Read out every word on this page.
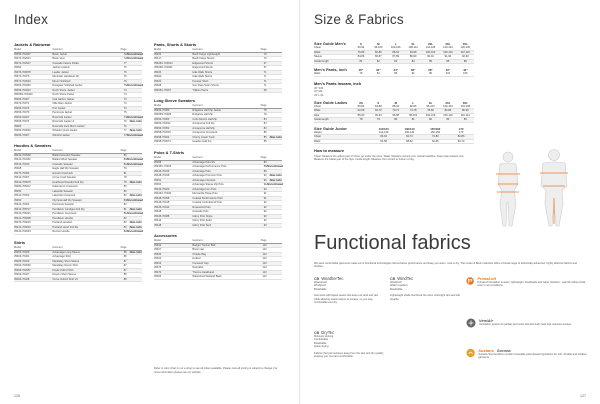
Index
Jackets & Rainwear
Model	Garment	Page
35456-702927	Basin Jacket	72 Discontinued
35474-702921	Basin Vest	72 Discontinued
35473-702917	Cascade Fleece Parka	77
35452	Jacket Loaded	75
35476-700078	Leader Jacket	76
35474-70075	Mountain Hardwear Jkt	75
35474-700010	Mount Softshell	76
35456-700340	Navigator Softshell Jacket	75 Discontinued
35456-700010	North Shore Jacket	74
35456N-700440	North Shore Parka	74
35456-70007	Oak Harbor Jacket	73
35474-70071	Ollie Rain Jacket	73
35456-70072	Port Jacket	73
35456-70079	Peninsula Jacket	75
35454-91407	Riverside Jacket	74 Discontinued
35456-70074	Riverside Jacket Jr.	76	New color
35480	Riverside Jack Micro Jacket	76
35482-700040	Whistler Quick Jacket	77	New color
35456-70007	Windmil Jacket	77 Discontinued
Hoodies & Sweaters
Model	Garment	Page
35414-702900	Ballard Hooded Sweater	80
35412-703461	Ballard Wind Sweater	80 Discontinued
35413-70040	Cascade Sweater	81 Discontinued
35408	Eagle Half Zip Sweater	79
35470-70093	Everett Crewneck	81
35410-70007	Grove Cowl Sweater	78
35414-705070	Heathered Hooded Full Zip	78	New color
35480-708417	Kalamazoo Crewneck	80
35450	Lakeside Sweater	80
35413-70003	Lakeside Crewneck	82	New color
35460	Olympia Half Zip Sweater	83 Discontinued
35424-70062	Peninsula Sweater	83
35414-708717	Pendleton Cardigan Full Zip	81	New color
35413-708421	Pendleton Crewneck	81 Discontinued
35414-708408	Pendleton Hoodie	82
35476-709015	Portland Hooded	83	New color
35413-700010	Portland Hood Full Zip	83	New color
35414-702623	Renton Hoodie	82 Discontinued
Shirts
Model	Garment	Page
35454-70029	Advantage Long Sleeve	86	New color
35464-70001	Advantage Shirt	86
35466-70020	Mandalay Short Sleeve	87
35464-702060	Mandalay Denim Shirt	87
35466-702057	Kayla Oxford Shirt	87
35464-70027	Dayton Short Sleeve	88
35466-70028	Grove Oxford Shirt LS	88
Pants, Shorts & Skorts
Model	Garment	Page
35404	Banff Cargo Lightweight	70
35417	Banff Cargo Shorts	70
35406C-700414	Edgewood Shorts	67
35406D-700401	Edgewood Skorts	67
35400	Hike Walk Shorts	71
35400-	Hike Walk Skorts	71
35402	Konetar Short	71
35408	Sun Pass Swim Shorts	71
35406C-76007	Trillium Pants	68
Long Sleeve Sweaters
Model	Garment	Page
35456-70483	Ridgeline Half Zip Jacket	78
35456N-70483	Ridgeline Half Zip	78
35456-70063	Coho Merino Half Zip	84
35456-700011	Annapurna Full Zip	84
35456-70052	Annapurna Half Zip	84
35458-702004	Annapurna Crewneck	85
35458-70023	Cherry Creek Tunic	85	New color
35458-700074	Heather Half Zip	85
Polos & T-Shirts
Model	Garment	Page
35458	Advantage Polo SS	89
35436C-70493	Advantage Performance Polo	89 Discontinued
35416-70446	Advantage Polo	89
35448-70438	Advantage Premium Polo	90	New color
35451	Advantage Interlock	90	New color
35454	Advantage Sleeve Zip Polo	91 Discontinued
35446-70020	Advantage Icon Polo	90
35436C-70040	Mercantile Pique Polo	91
35448-70458	Coastal Performance Polo	91
35445-70448	Coastal Cottonblend Polo	92
35446-70444	Rosewood Polo	92
35448	Cascade Polo	92
35445-70488	Gilroy Polo Stripe	93
35446	Gilroy Polo Solid	93
35448	Gilroy Polo Tech	93
Accessories
Model	Garment	Page
35464	Badger Trucker Belt	113
35467	Bison Hat	113
35460	Charlie Bag	113
35464	Hotfoot	113
35463	Ironwood Cap	113
35475	Naturalist	113
35470	Thermo Headband	113
35466	Watershed Wetland Back	113
Refer to color chart in our e-shop to see all colors available. Please note all pricing is subject to change. For more information please see our website.
126
Size & Fabrics
Size Guide Men's	S	M	L	XL	2XL	3XL	4XL
Chest	90-94	96-100	102-106	108-112	114-118	120-124	126-130
Waist	76-80	82-86	88-92	94-98	100-104	106-110	112-116
Sleeve	84-86	86-87	87-89	89-90	90-91	91-92	92-93
Inside length	81	82	83	84	85	85	86
Men's Pants, inch	30"	32"	34"	36"	38"	40"	42"
Waist	76	81	86	91	96	101	106
Men's Pants Inseam, inch
30" S/M
32" M/L
34" L/XL
Size Guide Ladies	XS	S	M	L	XL	2XL	3XL
Chest	80-84	84-88	88-92	92-96	96-100	100-104	104-108
Waist	62-66	66-70	70-74	74-78	78-82	82-86	86-90
Hips	86-90	90-94	94-98	98-102	102-106	106-110	110-114
Inside length	78	79	80	81	82	83	84
Size Guide Junior	110/120	130/140	150/160	170
Height	110-120	130-140	150-160	170
Chest	60-64	66-72	74-80	82-86
Waist	54-58	58-62	62-66	66-70
How to measure
Chest: Measure the widest part of chest, go under the arms. Waist: Measure around your natural waistline. Keep tape relaxed. Hip: Measure the fullest part of the hips. Inside length: Measure from crotch to bottom of leg.
Functional fabrics
We want comfortable garments made out of functional technologies that enhance performance and keep you warm, cool or dry. The Cutter & Buck collection offers a broad range of technically advanced, highly effective fabrics and finishes.
CB WeatherTec
Waterproof
Windproof
Breathable
Garments with taped seams that keep out wind and rain while allowing sweat vapour to escape, so you stay comfortable and dry.
CB WindTec
Windproof
Water repellent
Breathable
Lightweight shells that block the wind, shed light rain and still breathe.
CB DryTec
Moisture wicking
Comfortable
Breathable
Quick drying
Fabrics that pull moisture away from the skin and dry quickly, keeping you cool and comfortable.
PrimaLoft
PrimaLoft insulation is warm, lightweight, breathable and water resistant - warmth without bulk, even in wet conditions.
VentAir
Ventilation system for jackets and vests that lets body heat and moisture escape.
Sustans Sorona
Sustans Sorona fibres contain renewable plant-based ingredients for soft, durable and resilient garments.
127
